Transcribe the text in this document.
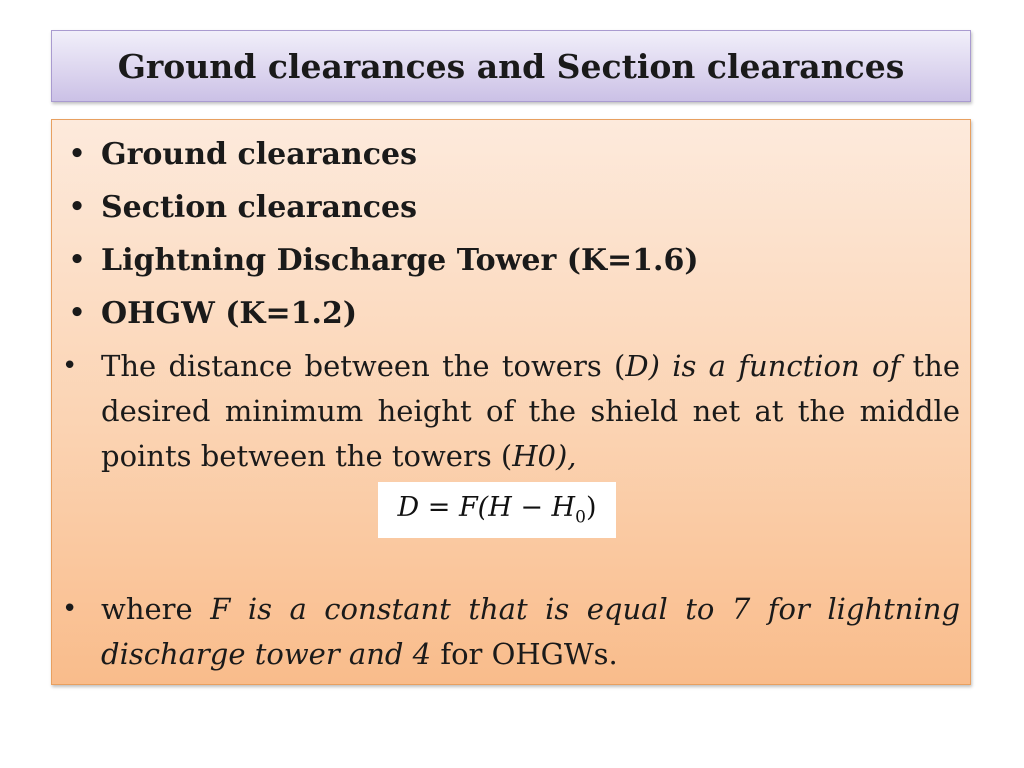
Ground clearances and Section clearances
• Ground clearances
• Section clearances
• Lightning Discharge Tower (K=1.6)
• OHGW (K=1.2)
• The distance between the towers (D) is a function of the desired minimum height of the shield net at the middle points between the towers (H0),
$D = F(H - H_0)$
• where F is a constant that is equal to 7 for lightning discharge tower and 4 for OHGWs.
